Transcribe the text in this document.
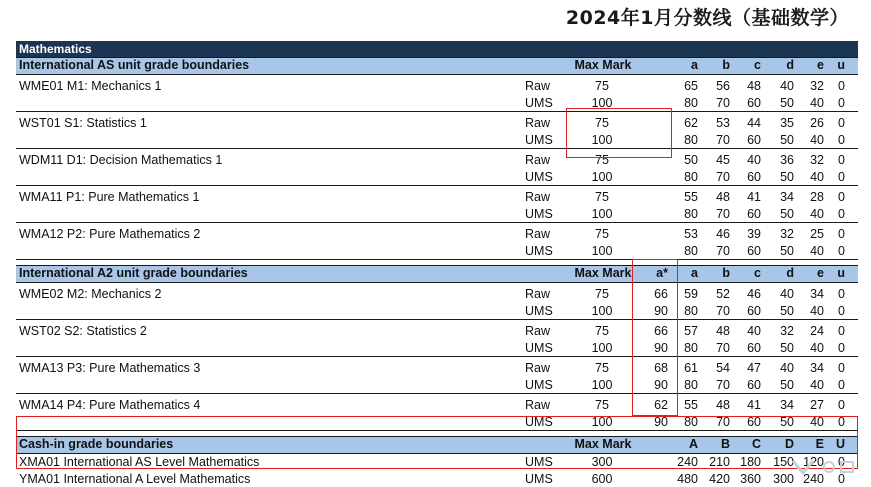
2024年1月分数线（基础数学）
Mathematics
International AS unit grade boundaries	Max Mark	a	b	c	d	e	u
WME01 M1: Mechanics 1	Raw	75	65	56	48	40	32	0
UMS	100	80	70	60	50	40	0
WST01 S1: Statistics 1	Raw	75	62	53	44	35	26	0
UMS	100	80	70	60	50	40	0
WDM11 D1: Decision Mathematics 1	Raw	75	50	45	40	36	32	0
UMS	100	80	70	60	50	40	0
WMA11 P1: Pure Mathematics 1	Raw	75	55	48	41	34	28	0
UMS	100	80	70	60	50	40	0
WMA12 P2: Pure Mathematics 2	Raw	75	53	46	39	32	25	0
UMS	100	80	70	60	50	40	0
International A2 unit grade boundaries	Max Mark	a*	a	b	c	d	e	u
WME02 M2: Mechanics 2	Raw	75	66	59	52	46	40	34	0
UMS	100	90	80	70	60	50	40	0
WST02 S2: Statistics 2	Raw	75	66	57	48	40	32	24	0
UMS	100	90	80	70	60	50	40	0
WMA13 P3: Pure Mathematics 3	Raw	75	68	61	54	47	40	34	0
UMS	100	90	80	70	60	50	40	0
WMA14 P4: Pure Mathematics 4	Raw	75	62	55	48	41	34	27	0
UMS	100	90	80	70	60	50	40	0
Cash-in grade boundaries	Max Mark	A	B	C	D	E U
XMA01 International AS Level Mathematics	UMS	300	240 210 180 150 120	0
YMA01 International A Level Mathematics	UMS	600	480 420 360 300 240	0
